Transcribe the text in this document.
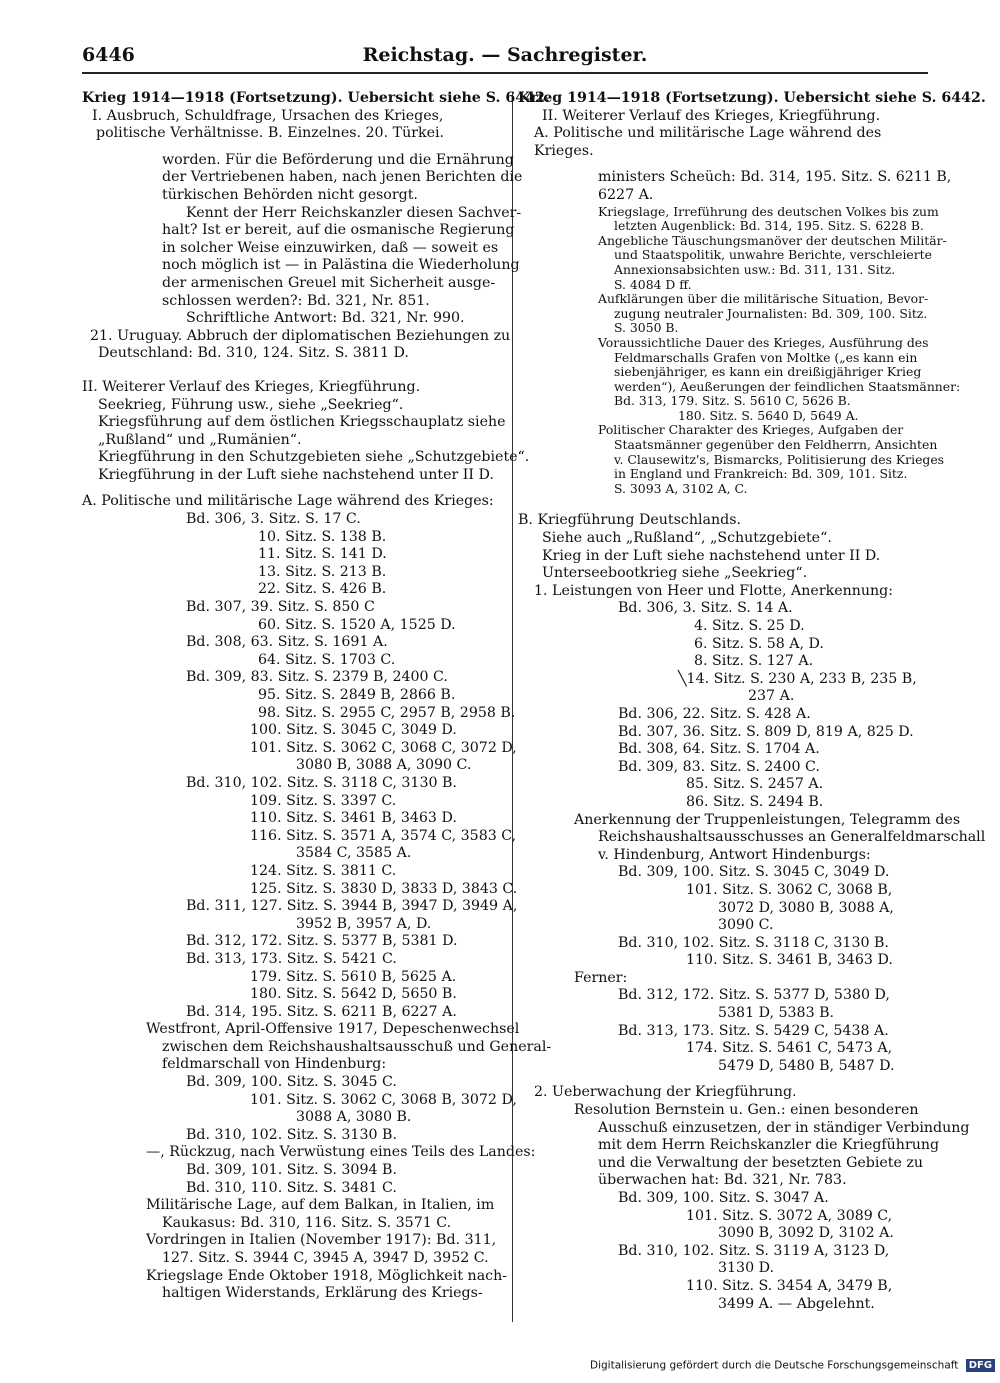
6446	Reichstag. — Sachregister.
Krieg 1914—1918 (Fortsetzung). Uebersicht siehe S. 6442.
I. Ausbruch, Schuldfrage, Ursachen des Krieges,
politische Verhältnisse. B. Einzelnes. 20. Türkei.
worden. Für die Beförderung und die Ernährung
der Vertriebenen haben, nach jenen Berichten die
türkischen Behörden nicht gesorgt.
Kennt der Herr Reichskanzler diesen Sachver-
halt? Ist er bereit, auf die osmanische Regierung
in solcher Weise einzuwirken, daß — soweit es
noch möglich ist — in Palästina die Wiederholung
der armenischen Greuel mit Sicherheit ausge-
schlossen werden?: Bd. 321, Nr. 851.
Schriftliche Antwort: Bd. 321, Nr. 990.
21. Uruguay. Abbruch der diplomatischen Beziehungen zu
Deutschland: Bd. 310, 124. Sitz. S. 3811 D.
II. Weiterer Verlauf des Krieges, Kriegführung.
Seekrieg, Führung usw., siehe „Seekrieg“.
Kriegsführung auf dem östlichen Kriegsschauplatz siehe
„Rußland“ und „Rumänien“.
Kriegführung in den Schutzgebieten siehe „Schutzgebiete“.
Kriegführung in der Luft siehe nachstehend unter II D.
A. Politische und militärische Lage während des Krieges:
Bd. 306, 3. Sitz. S. 17 C.
10. Sitz. S. 138 B.
11. Sitz. S. 141 D.
13. Sitz. S. 213 B.
22. Sitz. S. 426 B.
Bd. 307, 39. Sitz. S. 850 C
60. Sitz. S. 1520 A, 1525 D.
Bd. 308, 63. Sitz. S. 1691 A.
64. Sitz. S. 1703 C.
Bd. 309, 83. Sitz. S. 2379 B, 2400 C.
95. Sitz. S. 2849 B, 2866 B.
98. Sitz. S. 2955 C, 2957 B, 2958 B.
100. Sitz. S. 3045 C, 3049 D.
101. Sitz. S. 3062 C, 3068 C, 3072 D,
3080 B, 3088 A, 3090 C.
Bd. 310, 102. Sitz. S. 3118 C, 3130 B.
109. Sitz. S. 3397 C.
110. Sitz. S. 3461 B, 3463 D.
116. Sitz. S. 3571 A, 3574 C, 3583 C,
3584 C, 3585 A.
124. Sitz. S. 3811 C.
125. Sitz. S. 3830 D, 3833 D, 3843 C.
Bd. 311, 127. Sitz. S. 3944 B, 3947 D, 3949 A,
3952 B, 3957 A, D.
Bd. 312, 172. Sitz. S. 5377 B, 5381 D.
Bd. 313, 173. Sitz. S. 5421 C.
179. Sitz. S. 5610 B, 5625 A.
180. Sitz. S. 5642 D, 5650 B.
Bd. 314, 195. Sitz. S. 6211 B, 6227 A.
Westfront, April-Offensive 1917, Depeschenwechsel
zwischen dem Reichshaushaltsausschuß und General-
feldmarschall von Hindenburg:
Bd. 309, 100. Sitz. S. 3045 C.
101. Sitz. S. 3062 C, 3068 B, 3072 D,
3088 A, 3080 B.
Bd. 310, 102. Sitz. S. 3130 B.
—, Rückzug, nach Verwüstung eines Teils des Landes:
Bd. 309, 101. Sitz. S. 3094 B.
Bd. 310, 110. Sitz. S. 3481 C.
Militärische Lage, auf dem Balkan, in Italien, im
Kaukasus: Bd. 310, 116. Sitz. S. 3571 C.
Vordringen in Italien (November 1917): Bd. 311,
127. Sitz. S. 3944 C, 3945 A, 3947 D, 3952 C.
Kriegslage Ende Oktober 1918, Möglichkeit nach-
haltigen Widerstands, Erklärung des Kriegs-
Krieg 1914—1918 (Fortsetzung). Uebersicht siehe S. 6442.
II. Weiterer Verlauf des Krieges, Kriegführung.
A. Politische und militärische Lage während des
Krieges.
ministers Scheüch: Bd. 314, 195. Sitz. S. 6211 B,
6227 A.
Kriegslage, Irreführung des deutschen Volkes bis zum
letzten Augenblick: Bd. 314, 195. Sitz. S. 6228 B.
Angebliche Täuschungsmanöver der deutschen Militär-
und Staatspolitik, unwahre Berichte, verschleierte
Annexionsabsichten usw.: Bd. 311, 131. Sitz.
S. 4084 D ff.
Aufklärungen über die militärische Situation, Bevor-
zugung neutraler Journalisten: Bd. 309, 100. Sitz.
S. 3050 B.
Voraussichtliche Dauer des Krieges, Ausführung des
Feldmarschalls Grafen von Moltke („es kann ein
siebenjähriger, es kann ein dreißigjähriger Krieg
werden“), Aeußerungen der feindlichen Staatsmänner:
Bd. 313, 179. Sitz. S. 5610 C, 5626 B.
180. Sitz. S. 5640 D, 5649 A.
Politischer Charakter des Krieges, Aufgaben der
Staatsmänner gegenüber den Feldherrn, Ansichten
v. Clausewitz's, Bismarcks, Politisierung des Krieges
in England und Frankreich: Bd. 309, 101. Sitz.
S. 3093 A, 3102 A, C.
B. Kriegführung Deutschlands.
Siehe auch „Rußland“, „Schutzgebiete“.
Krieg in der Luft siehe nachstehend unter II D.
Unterseebootkrieg siehe „Seekrieg“.
1. Leistungen von Heer und Flotte, Anerkennung:
Bd. 306, 3. Sitz. S. 14 A.
4. Sitz. S. 25 D.
6. Sitz. S. 58 A, D.
8. Sitz. S. 127 A.
╲14. Sitz. S. 230 A, 233 B, 235 B,
237 A.
Bd. 306, 22. Sitz. S. 428 A.
Bd. 307, 36. Sitz. S. 809 D, 819 A, 825 D.
Bd. 308, 64. Sitz. S. 1704 A.
Bd. 309, 83. Sitz. S. 2400 C.
85. Sitz. S. 2457 A.
86. Sitz. S. 2494 B.
Anerkennung der Truppenleistungen, Telegramm des
Reichshaushaltsausschusses an Generalfeldmarschall
v. Hindenburg, Antwort Hindenburgs:
Bd. 309, 100. Sitz. S. 3045 C, 3049 D.
101. Sitz. S. 3062 C, 3068 B,
3072 D, 3080 B, 3088 A,
3090 C.
Bd. 310, 102. Sitz. S. 3118 C, 3130 B.
110. Sitz. S. 3461 B, 3463 D.
Ferner:
Bd. 312, 172. Sitz. S. 5377 D, 5380 D,
5381 D, 5383 B.
Bd. 313, 173. Sitz. S. 5429 C, 5438 A.
174. Sitz. S. 5461 C, 5473 A,
5479 D, 5480 B, 5487 D.
2. Ueberwachung der Kriegführung.
Resolution Bernstein u. Gen.: einen besonderen
Ausschuß einzusetzen, der in ständiger Verbindung
mit dem Herrn Reichskanzler die Kriegführung
und die Verwaltung der besetzten Gebiete zu
überwachen hat: Bd. 321, Nr. 783.
Bd. 309, 100. Sitz. S. 3047 A.
101. Sitz. S. 3072 A, 3089 C,
3090 B, 3092 D, 3102 A.
Bd. 310, 102. Sitz. S. 3119 A, 3123 D,
3130 D.
110. Sitz. S. 3454 A, 3479 B,
3499 A. — Abgelehnt.
Digitalisierung gefördert durch die Deutsche Forschungsgemeinschaft DFG
